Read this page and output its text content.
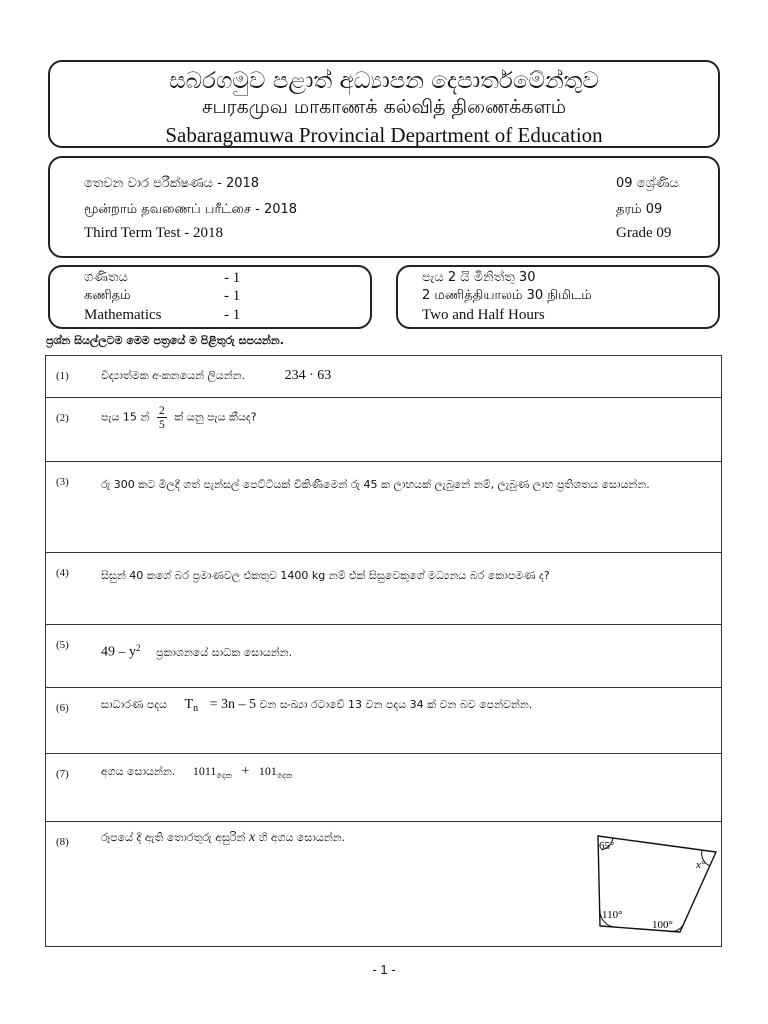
සබරගමුව පළාත් අධ්‍යාපන දෙපාර්තමේන්තුව
சபரகமுவ மாகாணக் கல்வித் திணைக்களம்
Sabaragamuwa Provincial Department of Education
තෙවන වාර පරීක්ෂණය - 2018
மூன்றாம் தவணைப் பரீட்சை - 2018
Third Term Test - 2018
09 ශ්‍රේණිය
தரம் 09
Grade 09
ගණිතය	- 1
கணிதம்	- 1
Mathematics	- 1
පැය 2 යි මිනිත්තු 30
2 மணித்தியாலம் 30 நிமிடம்
Two and Half Hours
ප්‍රශ්න සියල්ලටම මෙම පත්‍රයේ ම පිළිතුරු සපයන්න.
(1)	විද්‍යාත්මක අංකනයෙන් ලියන්න.	234 · 63
(2)	පැය 15 න් $\frac{2}{5}$ ක් යනු පැය කීයද?
(3)	රු 300 කට මිලදී ගත් පැන්සල් පෙට්ටියක් විකිණීමෙන් රු 45 ක ලාභයක් ලැබුනේ නම්, ලැබුණ ලාභ ප්‍රතිශතය සොයන්න.
(4)	සිසුන් 40 කගේ බර ප්‍රමාණවල එකතුව 1400 kg නම් එක් සිසුවෙකුගේ මධ්‍යනය බර කොපමණ ද?
(5) $49 - y^2$ ප්‍රකාශනයේ සාධක සොයන්න.
(6)	සාධාරණ පදය $T_n = 3n - 5$ වන සංඛ්‍යා රටාවේ 13 වන පදය 34 ක් වන බව පෙන්වන්න.
(7)	අගය සොයන්න. $1011_{දෙක} + 101_{දෙක}$
(8)	රූපයේ දී ඇති තොරතුරු අසුරින් x හි අගය සොයන්න.
65°
x°
110°
100°
- 1 -
